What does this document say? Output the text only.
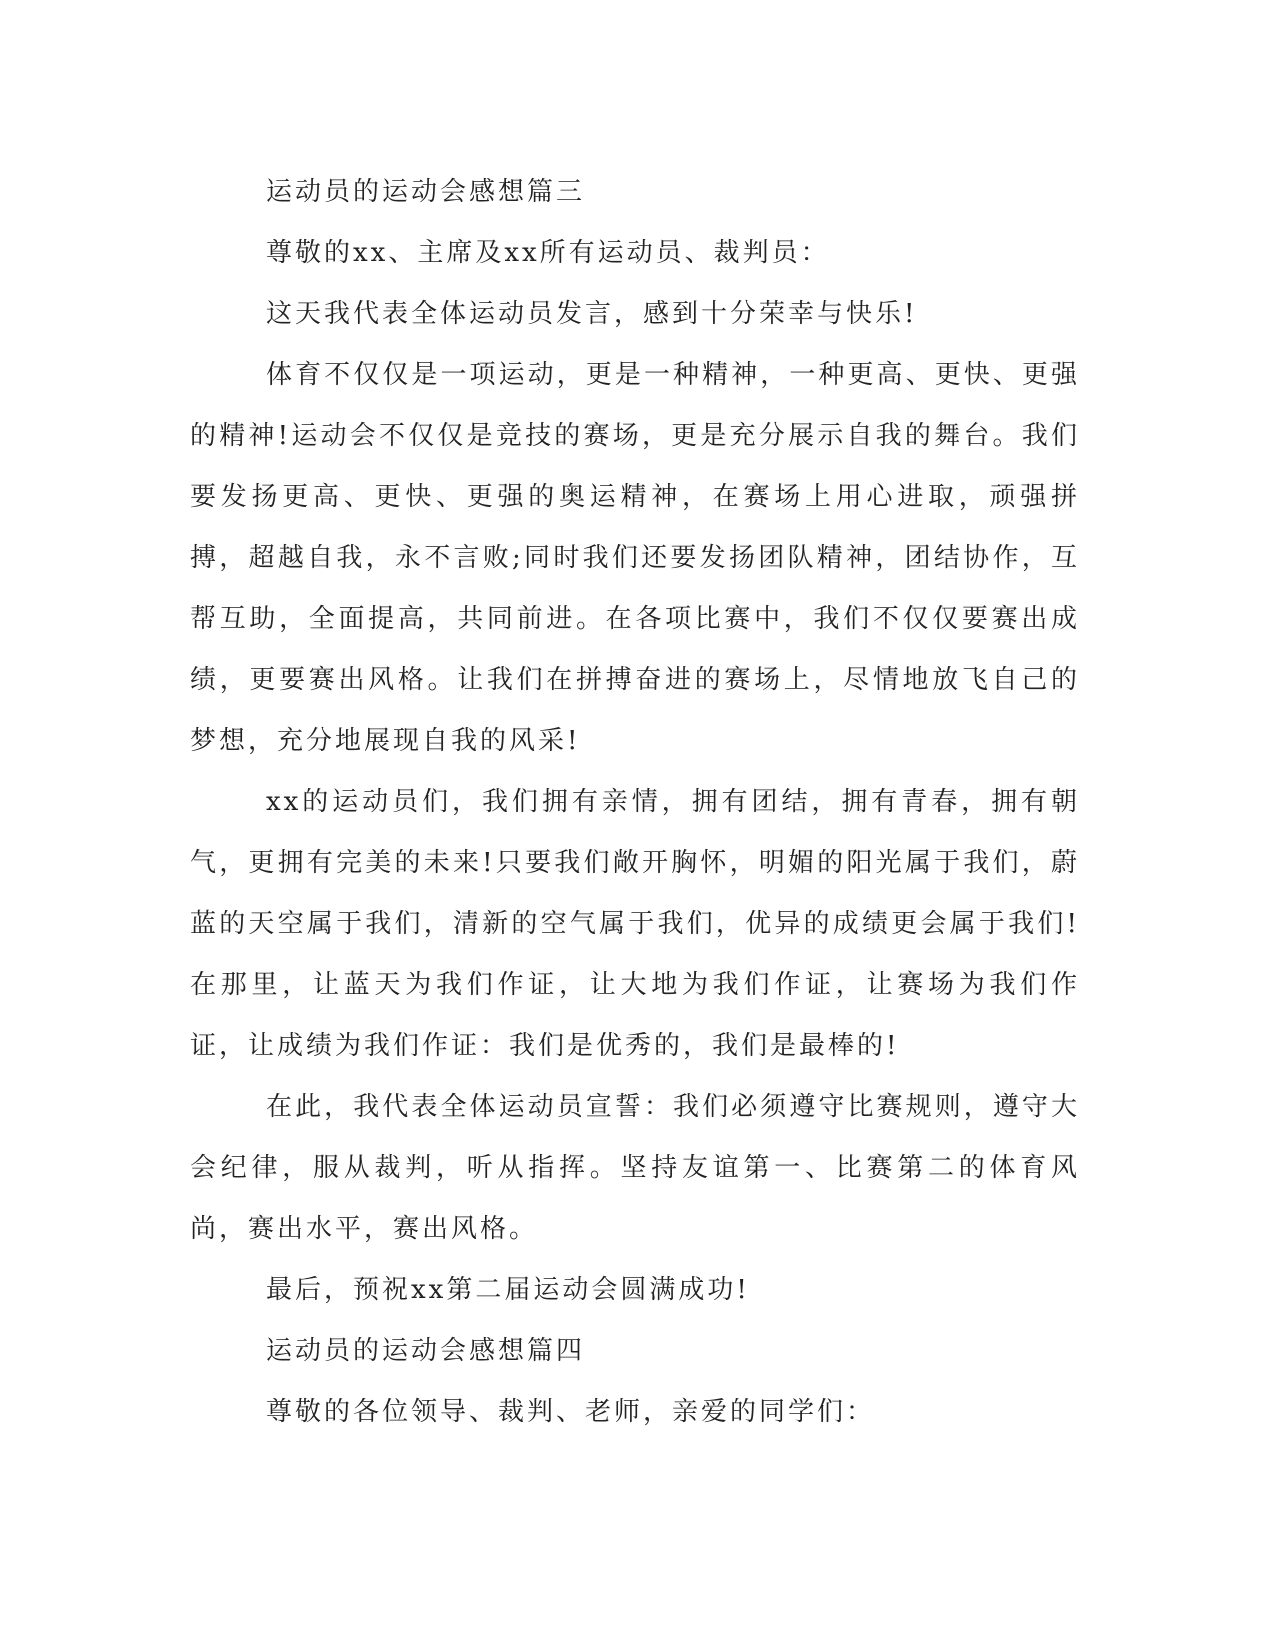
运动员的运动会感想篇三

尊敬的xx、主席及xx所有运动员、裁判员：

这天我代表全体运动员发言，感到十分荣幸与快乐!

体育不仅仅是一项运动，更是一种精神，一种更高、更快、更强的精神!运动会不仅仅是竞技的赛场，更是充分展示自我的舞台。我们要发扬更高、更快、更强的奥运精神，在赛场上用心进取，顽强拼搏，超越自我，永不言败;同时我们还要发扬团队精神，团结协作，互帮互助，全面提高，共同前进。在各项比赛中，我们不仅仅要赛出成绩，更要赛出风格。让我们在拼搏奋进的赛场上，尽情地放飞自己的梦想，充分地展现自我的风采!

xx的运动员们，我们拥有亲情，拥有团结，拥有青春，拥有朝气，更拥有完美的未来!只要我们敞开胸怀，明媚的阳光属于我们，蔚蓝的天空属于我们，清新的空气属于我们，优异的成绩更会属于我们!在那里，让蓝天为我们作证，让大地为我们作证，让赛场为我们作证，让成绩为我们作证：我们是优秀的，我们是最棒的!

在此，我代表全体运动员宣誓：我们必须遵守比赛规则，遵守大会纪律，服从裁判，听从指挥。坚持友谊第一、比赛第二的体育风尚，赛出水平，赛出风格。

最后，预祝xx第二届运动会圆满成功!

运动员的运动会感想篇四

尊敬的各位领导、裁判、老师，亲爱的同学们：
